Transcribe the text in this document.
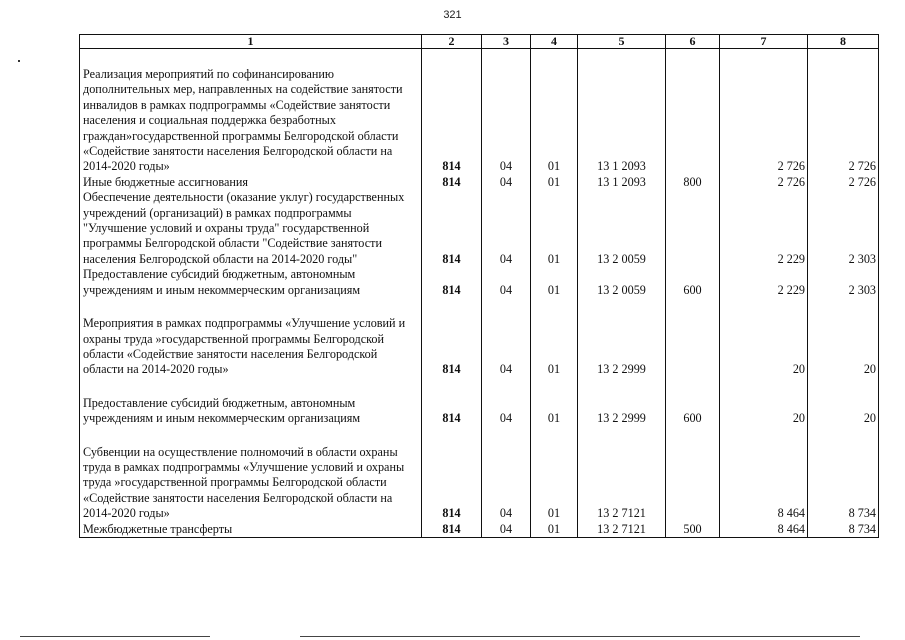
321
1	2	3	4	5	6	7	8

Реализация мероприятий по софинансированию дополнительных мер, направленных на содействие занятости инвалидов в рамках подпрограммы «Содействие занятости населения и социальная поддержка безработных граждан»государственной программы Белгородской области «Содействие занятости населения Белгородской области на 2014-2020 годы»	814	04	01	13 1 2093		2 726	2 726
Иные бюджетные ассигнования	814	04	01	13 1 2093	800	2 726	2 726
Обеспечение деятельности (оказание уклуг) государственных учреждений (организаций) в рамках подпрограммы "Улучшение условий и охраны труда" государственной программы Белгородской области "Содействие занятости населения Белгородской области на 2014-2020 годы"	814	04	01	13 2 0059		2 229	2 303
Предоставление субсидий бюджетным, автономным учреждениям и иным некоммерческим организациям	814	04	01	13 2 0059	600	2 229	2 303

Мероприятия в рамках подпрограммы «Улучшение условий и охраны труда »государственной программы Белгородской области «Содействие занятости населения Белгородской области на 2014-2020 годы»	814	04	01	13 2 2999		20	20

Предоставление субсидий бюджетным, автономным учреждениям и иным некоммерческим организациям	814	04	01	13 2 2999	600	20	20

Субвенции на осуществление полномочий в области охраны труда в рамках подпрограммы «Улучшение условий и охраны труда »государственной программы Белгородской области «Содействие занятости населения Белгородской области на 2014-2020 годы»	814	04	01	13 2 7121		8 464	8 734
Межбюджетные трансферты	814	04	01	13 2 7121	500	8 464	8 734
